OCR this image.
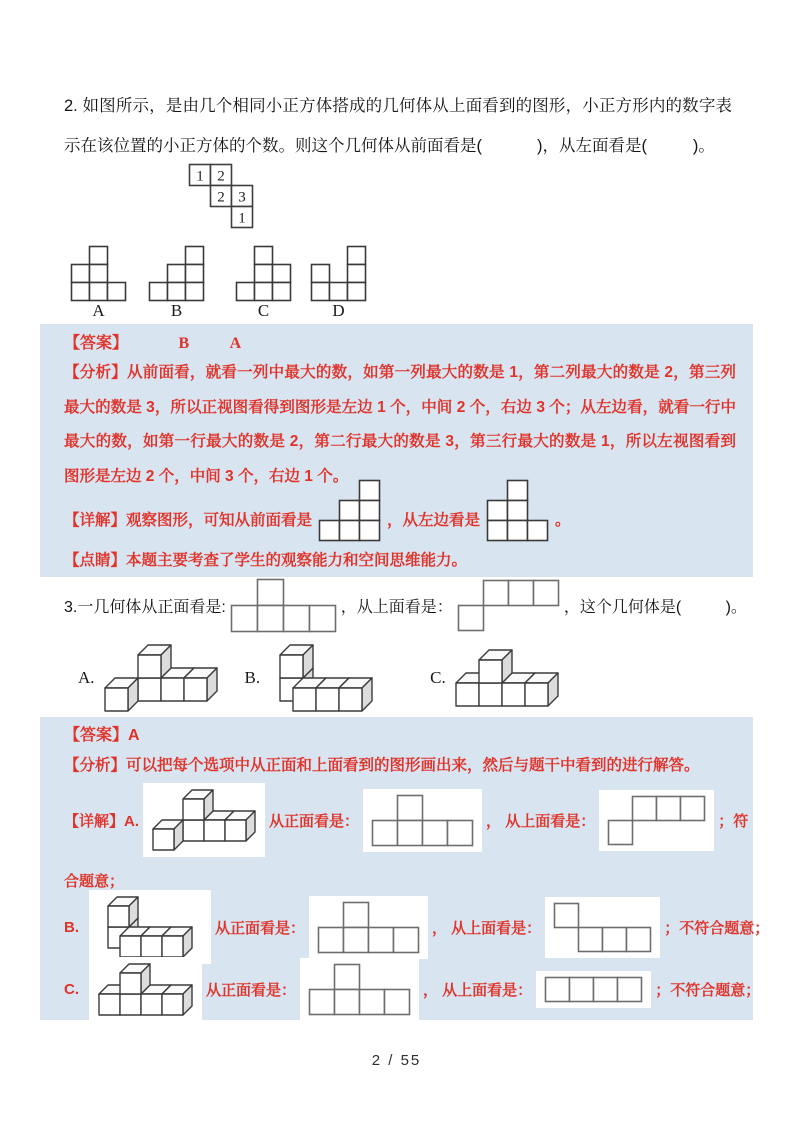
2. 如图所示，是由几个相同小正方体搭成的几何体从上面看到的图形，小正方形内的数字表示在该位置的小正方体的个数。则这个几何体从前面看是(            )，从左面看是(          )。
1 2
2 3
1
A	B	C	D
【答案】	B	A
【分析】从前面看，就看一列中最大的数，如第一列最大的数是 1，第二列最大的数是 2，第三列最大的数是 3，所以正视图看得到图形是左边 1 个，中间 2 个，右边 3 个；从左边看，就看一行中最大的数，如第一行最大的数是 2，第二行最大的数是 3，第三行最大的数是 1，所以左视图看到图形是左边 2 个，中间 3 个，右边 1 个。
【详解】观察图形，可知从前面看是	，从左边看是	。
【点睛】本题主要考查了学生的观察能力和空间思维能力。
3.一几何体从正面看是:	，从上面看是：	，这个几何体是(          )。
A.	B.	C.
【答案】A
【分析】可以把每个选项中从正面和上面看到的图形画出来，然后与题干中看到的进行解答。
【详解】A.	从正面看是：	， 从上面看是：	；符
合题意；
B.	从正面看是：	， 从上面看是：	；不符合题意；
C.	从正面看是：	， 从上面看是：	；不符合题意；
2 / 55
